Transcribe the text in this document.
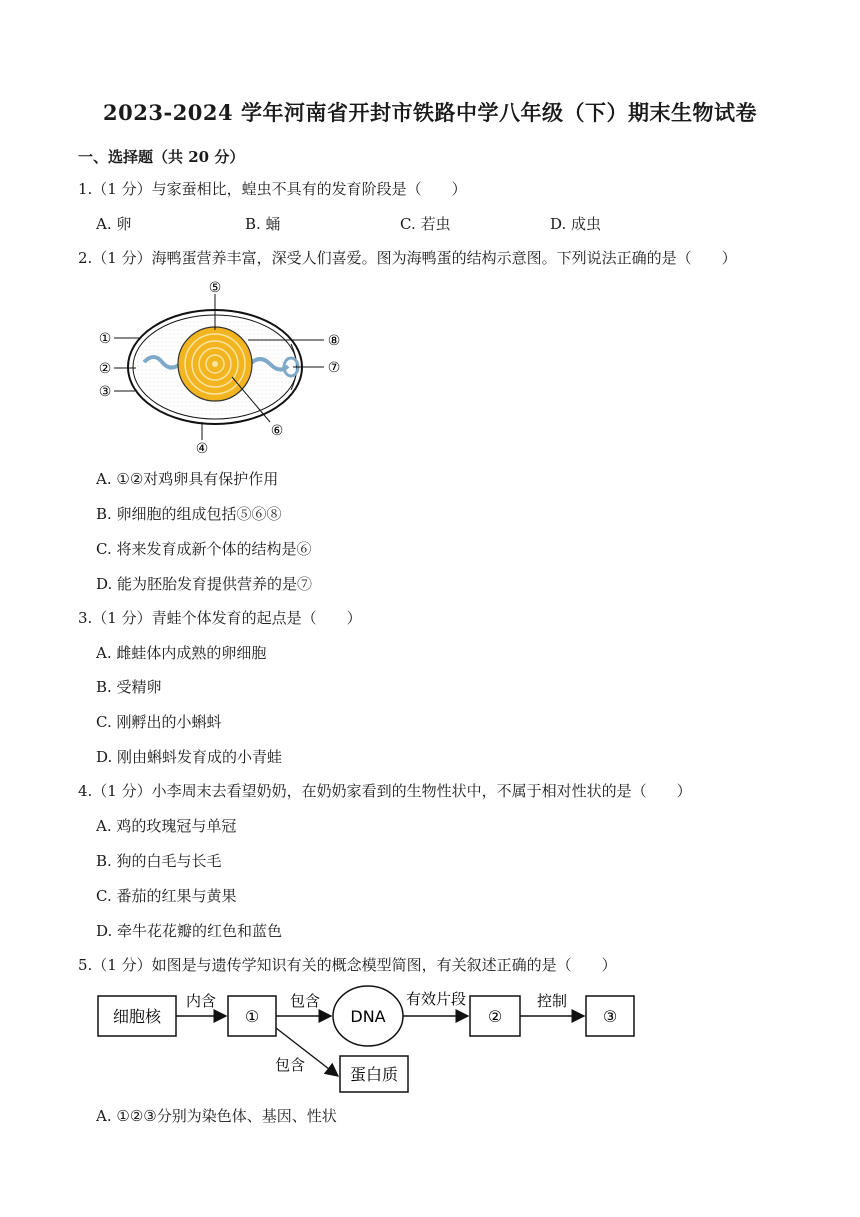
2023-2024 学年河南省开封市铁路中学八年级（下）期末生物试卷
一、选择题（共 20 分）
1.（1 分）与家蚕相比，蝗虫不具有的发育阶段是（　　）
A. 卵	B. 蛹	C. 若虫	D. 成虫
2.（1 分）海鸭蛋营养丰富，深受人们喜爱。图为海鸭蛋的结构示意图。下列说法正确的是（　　）
⑤
①
②
③
④
⑥
⑦
⑧
A. ①②对鸡卵具有保护作用
B. 卵细胞的组成包括⑤⑥⑧
C. 将来发育成新个体的结构是⑥
D. 能为胚胎发育提供营养的是⑦
3.（1 分）青蛙个体发育的起点是（　　）
A. 雌蛙体内成熟的卵细胞
B. 受精卵
C. 刚孵出的小蝌蚪
D. 刚由蝌蚪发育成的小青蛙
4.（1 分）小李周末去看望奶奶，在奶奶家看到的生物性状中，不属于相对性状的是（　　）
A. 鸡的玫瑰冠与单冠
B. 狗的白毛与长毛
C. 番茄的红果与黄果
D. 牵牛花花瓣的红色和蓝色
5.（1 分）如图是与遗传学知识有关的概念模型简图，有关叙述正确的是（　　）
细胞核	①	DNA	②	③
蛋白质
内含	包含	有效片段	控制
包含
A. ①②③分别为染色体、基因、性状
